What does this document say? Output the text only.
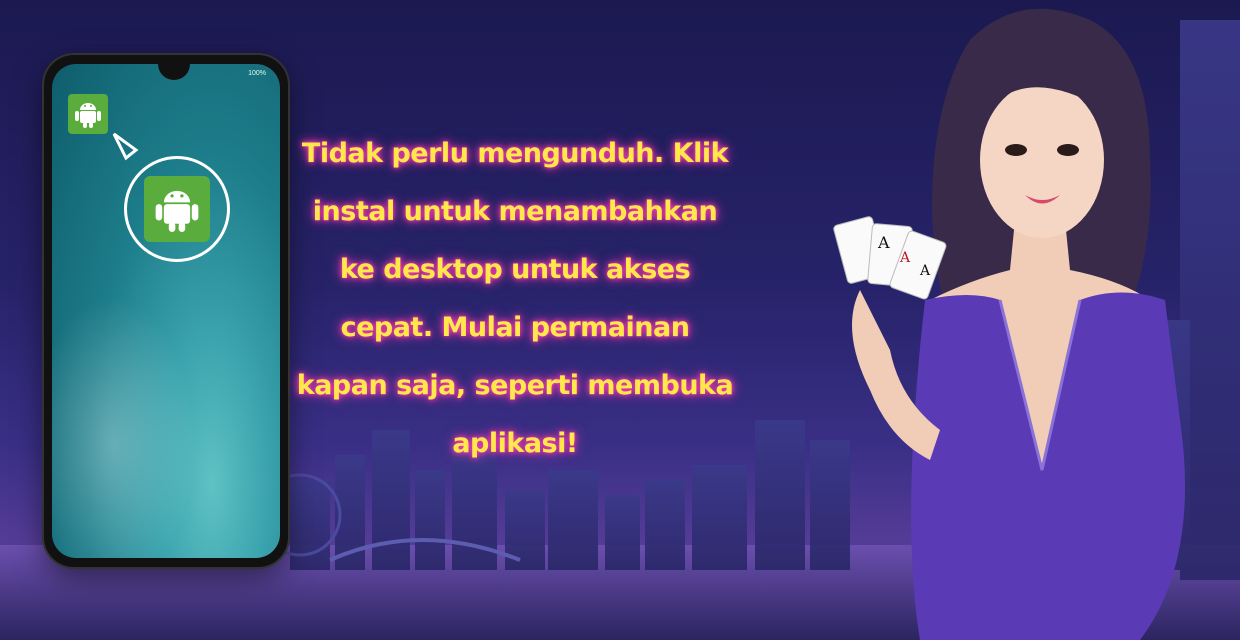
100%
Tidak perlu mengunduh. Klik
instal untuk menambahkan
ke desktop untuk akses
cepat. Mulai permainan
kapan saja, seperti membuka
aplikasi!
A
A
A
